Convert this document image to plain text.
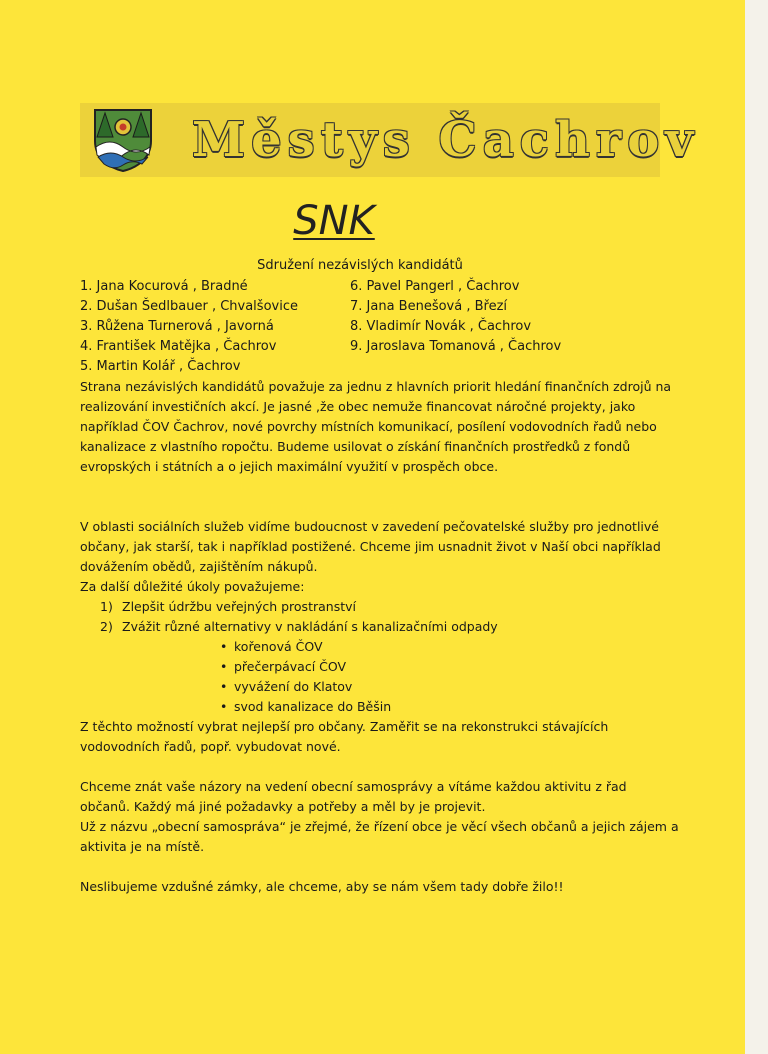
Městys Čachrov
SNK
Sdružení nezávislých kandidátů
1. Jana Kocurová , Bradné
2. Dušan Šedlbauer , Chvalšovice
3. Růžena Turnerová , Javorná
4. František Matějka , Čachrov
5. Martin Kolář , Čachrov
6. Pavel Pangerl , Čachrov
7. Jana Benešová , Březí
8. Vladimír Novák , Čachrov
9. Jaroslava Tomanová , Čachrov

Strana nezávislých kandidátů považuje za jednu z hlavních priorit hledání finančních zdrojů na realizování investičních akcí. Je jasné ,že obec nemuže financovat náročné projekty, jako například ČOV Čachrov, nové povrchy místních komunikací, posílení vodovodních řadů nebo kanalizace z vlastního ropočtu. Budeme usilovat o získání finančních prostředků z fondů evropských i státních a o jejich maximální využití v prospěch obce.

V oblasti sociálních služeb vidíme budoucnost v zavedení pečovatelské služby pro jednotlivé občany, jak starší, tak i například postižené. Chceme jim usnadnit život v Naší obci například dovážením obědů, zajištěním nákupů.

Za další důležité úkoly považujeme:

1) Zlepšit údržbu veřejných prostranství
2) Zvážit různé alternativy v nakládání s kanalizačními odpady
• kořenová ČOV
• přečerpávací ČOV
• vyvážení do Klatov
• svod kanalizace do Běšin

Z těchto možností vybrat nejlepší pro občany. Zaměřit se na rekonstrukci stávajících vodovodních řadů, popř. vybudovat nové.

Chceme znát vaše názory na vedení obecní samosprávy a vítáme každou aktivitu z řad občanů. Každý má jiné požadavky a potřeby a měl by je projevit.

Už z názvu „obecní samospráva“ je zřejmé, že řízení obce je věcí všech občanů a jejich zájem a aktivita je na místě.

Neslibujeme vzdušné zámky, ale chceme, aby se nám všem tady dobře žilo!!
